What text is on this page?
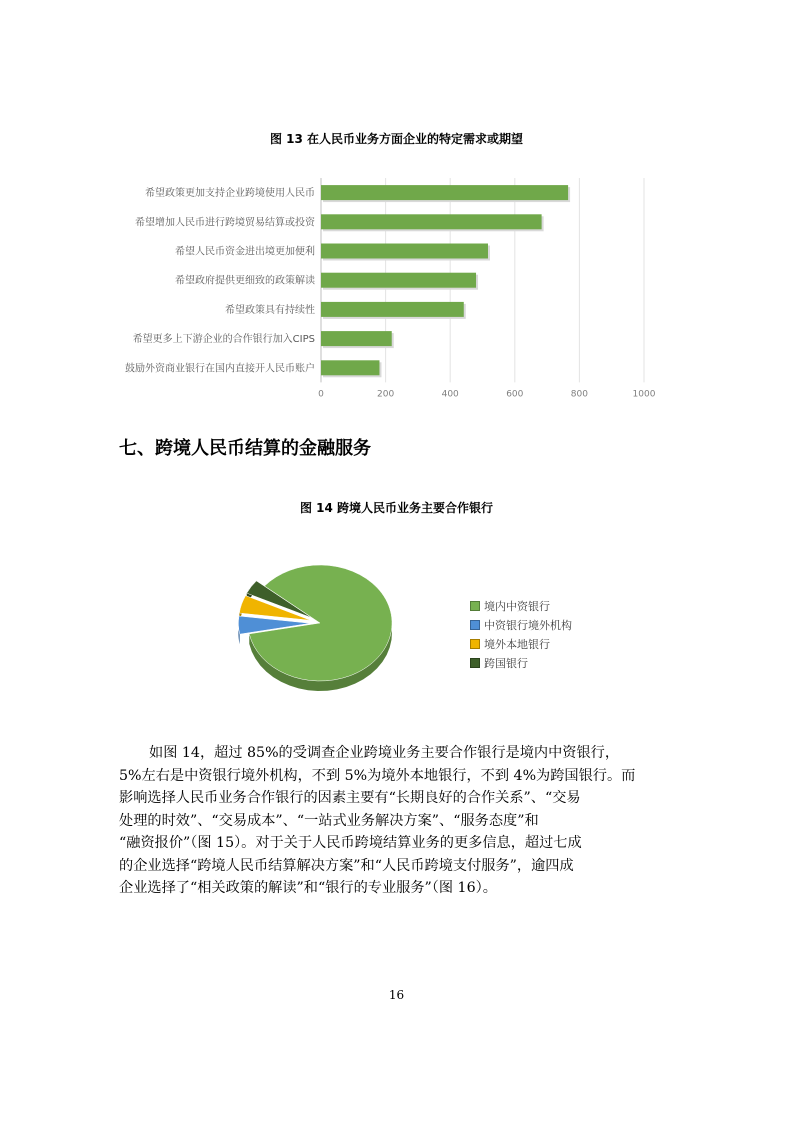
图 13 在人民币业务方面企业的特定需求或期望
0	200	400	600	800	1000
希望政策更加支持企业跨境使用人民币
希望增加人民币进行跨境贸易结算或投资
希望人民币资金进出境更加便利
希望政府提供更细致的政策解读
希望政策具有持续性
希望更多上下游企业的合作银行加入CIPS
鼓励外资商业银行在国内直接开人民币账户
七、跨境人民币结算的金融服务
图 14 跨境人民币业务主要合作银行
境内中资银行
中资银行境外机构
境外本地银行
跨国银行
如图 14，超过 85%的受调查企业跨境业务主要合作银行是境内中资银行，
5%左右是中资银行境外机构，不到 5%为境外本地银行，不到 4%为跨国银行。而
影响选择人民币业务合作银行的因素主要有“长期良好的合作关系”、“交易
处理的时效”、“交易成本”、“一站式业务解决方案”、“服务态度”和
“融资报价”（图 15）。对于关于人民币跨境结算业务的更多信息，超过七成
的企业选择“跨境人民币结算解决方案”和“人民币跨境支付服务”，逾四成
企业选择了“相关政策的解读”和“银行的专业服务”（图 16）。
16
